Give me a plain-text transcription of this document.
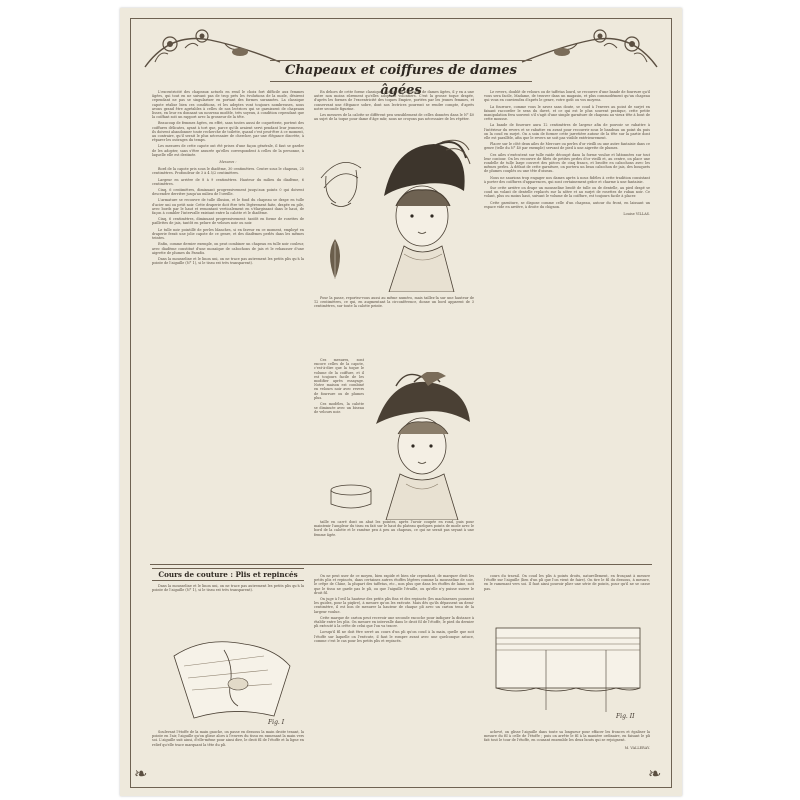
Chapeaux et coiffures de dames âgées

L'excentricité des chapeaux actuels en rend le choix fort difficile aux femmes âgées, qui tout en ne suivant pas de trop près les évolutions de la mode, désirent cependant ne pas se singulariser en portant des formes surannées. La classique capote réalise bien ces conditions, et les adeptes vont toujours nombreuses, nous avons grand être agréables à celles de nos lectrices qui se garnissent de chapeaux lisses, en leur en donnant un nouveau modèle, très soyeux, à condition cependant que la coiffant soit un rapport avec la grosseur de la tête.

Beaucoup de femmes âgées, en effet, sans toutes aussi de coquetterie, portent des coiffures délicates, ayant à tort que, parce qu'ils avaient servi pendant leur jeunesse, ils doivent abandonner toute recherche de toilette, quand c'est peut-être à ce moment, au contraire, qu'il serait le plus nécessaire de chercher, par une élégance discrète, à réparer les outrages du temps.

Les mesures de cette capote ont été prises d'une façon générale, il faut se garder de les adopter, sans s'être assurée qu'elles correspondent à celles de la personne, à laquelle elle est destinée.

Mesures :

Bord de la capote pris sous le diadème, 30 centimètres. Centre sous le chapeau, 25 centimètres. Profondeur de 3 à 4 5/2 centimètres.

Largeur en arrière de 8 à 9 centimètres. Hauteur du milieu du diadème, 6 centimètres.

Cinq, 6 centimètres, diminuant progressivement jusqu'aux points 0 qui doivent descendre derrière jusqu'au milieu de l'oreille.

L'armature se recouvre de tulle illusion, et le fond du chapeau se drape en tulle d'acier uni ou petit noir. Cette draperie doit être très légèrement faite, drapée en pile, avec bords par le haut et remontant verticalement en s'élargissant dans le haut, de façon à combler l'intervalle existant entre la calotte et le diadème.

Cinq, 6 centimètres, diminuant progressivement: tantôt en forme de rosettes de paillettes de jais, tantôt en pelure de velours noir ou noir.

Le tulle noir pointillé de perles blanches, si en faveur en ce moment, employé en draperie ferait une jolie capote de ce genre, et des diadèmes perlés dans les mêmes teintes.

Enfin, comme dernier exemple, on peut combiner un chapeau en tulle noir couleur, avec diadème constitué d'une mosaïque de cabochons de jais et le rehausser d'une aigrette de plumes du Paradis.

Dans la mousseline et le linon uni, on ne trace pas autrement les petits plis qu'à la pointe de l'aiguille (N° 1), si le tissu est très transparent).

En dehors de cette forme classique, ancêtre de beaucoup de dames âgées, il y en a une autre non moins sûrement qu'elles adoptent volontiers. C'est la grosse toque drapée, d'après les formes de l'excentricité des toques Empire, portées par les jeunes femmes, et conservant une élégance sobre, dont nos lectrices pourront se rendre compte, d'après notre seconde figurine.

Les mesures de la calotte se diffèrent peu sensiblement de celles données dans le N° 40 au sujet de la toque pour dame d'âge mûr, nous ne croyons pas nécessaire de les répéter.

Pour la passe, reportez-vous aussi au même numéro, mais taillez-la sur une hauteur de 12 centimètres, ce qui, en augmentant la circonférence, donne un bord apparent de 3 centimètres, sur toute la calotte peinte.

Ces mesures, sont encore celles de la capote, c'est-à-dire que la toque le volume de la coiffure, et il est toujours facile de les modifier après essayage. Notre maison est combiné en velours noir avec revers de fourrure ou de plumes plus.

Ces modèles, la calotte se diminuée avec un biseau de velours noir.

taille en carré dont on abat les pointes, après l'avoir coupée en rond, puis pour maintenir l'ampleur du tissu en fait sur le haut du plateau quelques points de mode avec le bord de la calotte et le ramène peu à peu au chapeau, ce qui ne serait pas seyant à une femme âgée.

Le revers, doublé de velours ou de taffetas lourd, se recouvre d'une bande de fourrure qu'il vous sera facile, Madame, de trouver dans un magasin, et plus commodément qu'un chapeau qui vous en conviendra d'après le genre, votre goût ou vos moyens.

La fourrure, comme vous le savez sans doute, se coud à l'envers au point de surjet en faisant raccorder le sens du duvet, et ce qui est le plus souvent pratique, cette petite manipulation fera souvent s'il s'agit d'une simple garniture de chapeau au vieux tête à bout de cette mousse.

La bande de fourrure aura 12 centimètres de largeur afin de pouvoir se rabattre à l'intérieur du revers et se rabattre en avant pour recouvrir sous le bandeau un point du puis on la coud en surjet. On a soin de former cette jarretière autour de la tête sur la partie dont elle est parallèle, afin que le revers ne soit pas visible extérieurement.

Placer sur le côté deux ailes de Mercure ou perles d'or vieilli ou une autre fantaisie dans ce genre (telle du N° 40 par exemple) servant de pied à une aigrette de plumes.

Ces ailes s'exécutent sur tulle raide découpé dans la forme voulue et bâtonnées sur tout leur contour. On les recouvre de filets de petites perles d'or vieilli et, au centre, on place une rondelle de tulle large couvert des pièces de cinq francs, et brodée en cabochons avec les mêmes perles. À défaut de cette garniture, on portera un beau cabochon de jais, des bouquets de plumes couplés ou une tête d'oiseau.

Nous ne saurions trop engager nos dames après à nous fidèles à cette tradition consistant à porter des coiffures d'apparences, qui sont certainement grâce et charme à une fantaisie.

Sur cette arrière on drape un mousseline brodé de tulle ou de dentelle, au pied drapé se coud un volant de dentelle replacés sur la nôtre et au surjet de rosettes de ruban noir. Ce volant, plus ou moins haut, suivant le volume de la coiffure, est toujours facile à placer.

Cette garniture, se dispose comme celle d'un chapeau, autour du front, en laissant un espace vide en arrière, à droite du chignon.

Louise VILLAS.

Cours de couture : Plis et repincés

Dans la mousseline et le linon uni, on ne trace pas autrement les petits plis qu'à la pointe de l'aiguille (N° 1), si le tissu est très transparent).

Fig. I

Soulevant l'étoffe de la main gauche, on passe en dessous la main droite tenant, la pointe en l'air, l'aiguille qu'on glisse alors à l'envers du tissu en ramenant la main vers soi. L'aiguille suit ainsi, d'elle-même pour ainsi dire, le droit fil de l'étoffe et la ligne en relief qu'elle trace marquant la tête du pli.

On ne peut user de ce moyen, bien rapide et bien sûr cependant, de marquer droit les petits plis et repincés, dans certaines autres étoffes légères comme la mousseline de soie, le crêpe de Chine, la plupart des taffetas, etc., non plus que dans les étoffes de laine, soit que le tissu ne garde pas le pli, ou que l'aiguille l'éraille, ou qu'elle n'y puisse suivre le droit fil.

On juge à l'œil la hauteur des petits plis fins et des repincés (les machinesses poussent les guides, pour la piqûre), à mesure qu'on les exécute. Mais dès qu'ils dépassent un demi-centimètre, il est bon de mesurer la hauteur de chaque pli avec un carton tenu de la largeur voulue.

Cette marque de carton peut recevoir une seconde encoche pour indiquer la distance à établir entre les plis. On mesure en intervalle dans le droit fil de l'étoffe, le pied du dernier pli exécuté à la crête de celui que l'on va tracer.

Lorsqu'il fil ne doit être serré au cours d'un pli qu'on coud à la main, quelle que soit l'étoffe sur laquelle on l'exécute, il faut le rompre avant avec une quelconque astuce, comme c'est le cas pour les petits plis et repincés.

cours du travail. On coud les plis à points droits, naturellement, en fronçant à mesure l'étoffe sur l'aiguille (lien d'un pli que l'on vient de faire). On tire le fil du dessous, à mesure, en le ramenant vers soi. Il faut ainsi pouvoir plier une série de points, pour qu'il ne se casse pas.

Fig. II

achevé, on glisse l'aiguille dans toute sa longueur pour effacer les fronces et égaliser la mesure du fil à celle de l'étoffe ; puis on arrête le fil à la manière ordinaire, en faisant le pli fait tout le tour de l'étoffe, en cousant ensemble les deux bouts qui se rejoignent.

M. VALLERAY.

❧	❧
